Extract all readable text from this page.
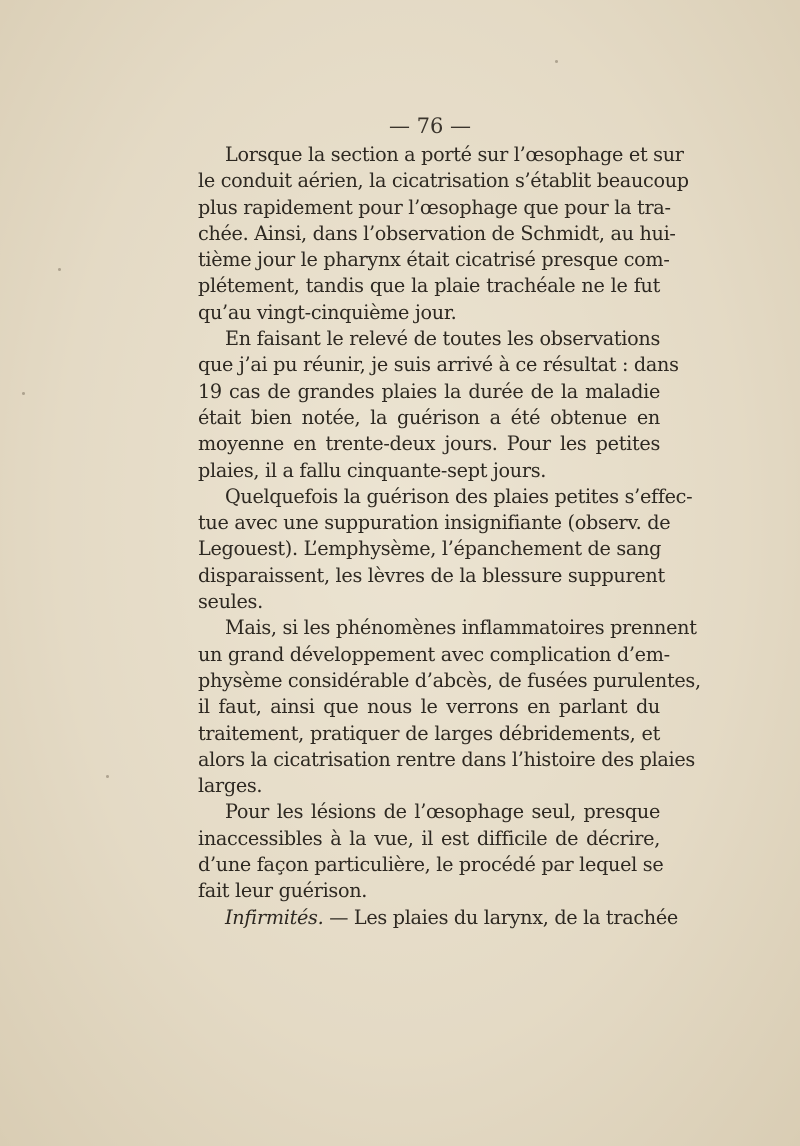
— 76 —
Lorsque la section a porté sur l’œsophage et sur
le conduit aérien, la cicatrisation s’établit beaucoup
plus rapidement pour l’œsophage que pour la tra-
chée. Ainsi, dans l’observation de Schmidt, au hui-
tième jour le pharynx était cicatrisé presque com-
plétement, tandis que la plaie trachéale ne le fut
qu’au vingt-cinquième jour.
En faisant le relevé de toutes les observations
que j’ai pu réunir, je suis arrivé à ce résultat : dans
19 cas de grandes plaies la durée de la maladie
était bien notée, la guérison a été obtenue en
moyenne en trente-deux jours. Pour les petites
plaies, il a fallu cinquante-sept jours.
Quelquefois la guérison des plaies petites s’effec-
tue avec une suppuration insignifiante (observ. de
Legouest). L’emphysème, l’épanchement de sang
disparaissent, les lèvres de la blessure suppurent
seules.
Mais, si les phénomènes inflammatoires prennent
un grand développement avec complication d’em-
physème considérable d’abcès, de fusées purulentes,
il faut, ainsi que nous le verrons en parlant du
traitement, pratiquer de larges débridements, et
alors la cicatrisation rentre dans l’histoire des plaies
larges.
Pour les lésions de l’œsophage seul, presque
inaccessibles à la vue, il est difficile de décrire,
d’une façon particulière, le procédé par lequel se
fait leur guérison.
Infirmités. — Les plaies du larynx, de la trachée
